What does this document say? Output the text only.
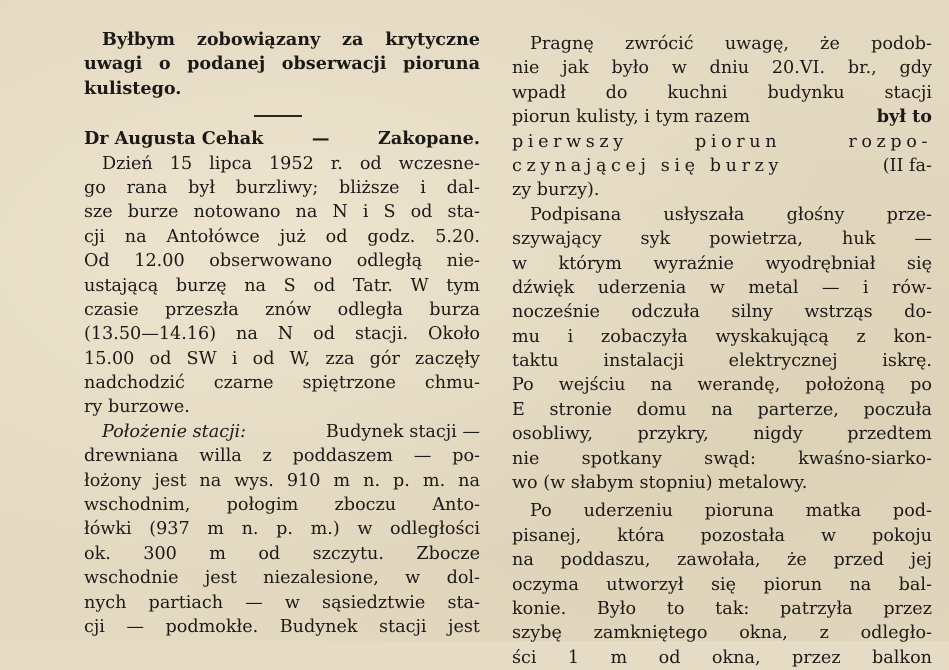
Byłbym zobowiązany za krytyczne
uwagi o podanej obserwacji pioruna
kulistego.
Dr Augusta Cehak	—	Zakopane.
Dzień 15 lipca 1952 r. od wczesne-
go rana był burzliwy; bliższe i dal-
sze burze notowano na N i S od sta-
cji na Antołówce już od godz. 5.20.
Od 12.00 obserwowano odległą nie-
ustającą burzę na S od Tatr. W tym
czasie przeszła znów odległa burza
(13.50—14.16) na N od stacji. Około
15.00 od SW i od W, zza gór zaczęły
nadchodzić czarne spiętrzone chmu-
ry burzowe.
Położenie stacji:	Budynek stacji —
drewniana willa z poddaszem — po-
łożony jest na wys. 910 m n. p. m. na
wschodnim, połogim zboczu Anto-
łówki (937 m n. p. m.) w odległości
ok. 300 m od szczytu. Zbocze
wschodnie jest niezalesione, w dol-
nych partiach — w sąsiedztwie sta-
cji — podmokłe. Budynek stacji jest
Pragnę zwrócić uwagę, że podob-
nie jak było w dniu 20.VI. br., gdy
wpadł do kuchni budynku stacji
piorun kulisty, i tym razem	był to
pierwszy piorun rozpo-
czynającej się burzy	(II fa-
zy burzy).
Podpisana usłyszała głośny prze-
szywający syk powietrza, huk —
w którym wyraźnie wyodrębniał się
dźwięk uderzenia w metal — i rów-
nocześnie odczuła silny wstrząs do-
mu i zobaczyła wyskakującą z kon-
taktu instalacji elektrycznej iskrę.
Po wejściu na werandę, położoną po
E stronie domu na parterze, poczuła
osobliwy, przykry, nigdy przedtem
nie spotkany swąd: kwaśno-siarko-
wo (w słabym stopniu) metalowy.
Po uderzeniu pioruna matka pod-
pisanej, która pozostała w pokoju
na poddaszu, zawołała, że przed jej
oczyma utworzył się piorun na bal-
konie. Było to tak: patrzyła przez
szybę zamkniętego okna, z odległo-
ści 1 m od okna, przez balkon
